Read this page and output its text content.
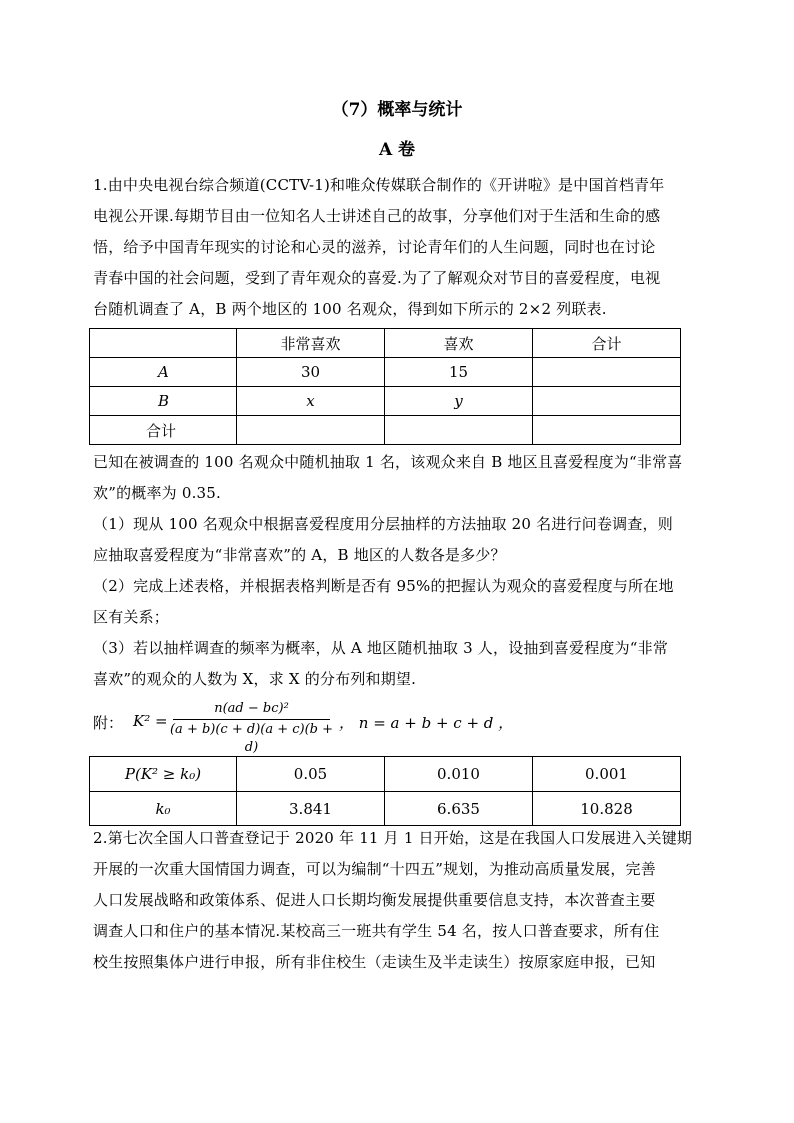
（7）概率与统计
A 卷
1.由中央电视台综合频道(CCTV-1)和唯众传媒联合制作的《开讲啦》是中国首档青年
电视公开课.每期节目由一位知名人士讲述自己的故事，分享他们对于生活和生命的感
悟，给予中国青年现实的讨论和心灵的滋养，讨论青年们的人生问题，同时也在讨论
青春中国的社会问题，受到了青年观众的喜爱.为了了解观众对节目的喜爱程度，电视
台随机调查了 A，B 两个地区的 100 名观众，得到如下所示的 2×2 列联表.
	非常喜欢	喜欢	合计
A	30	15	
B	x	y	
合计			
已知在被调查的 100 名观众中随机抽取 1 名，该观众来自 B 地区且喜爱程度为“非常喜
欢”的概率为 0.35.
（1）现从 100 名观众中根据喜爱程度用分层抽样的方法抽取 20 名进行问卷调查，则
应抽取喜爱程度为“非常喜欢”的 A，B 地区的人数各是多少？
（2）完成上述表格，并根据表格判断是否有 95%的把握认为观众的喜爱程度与所在地
区有关系；
（3）若以抽样调查的频率为概率，从 A 地区随机抽取 3 人，设抽到喜爱程度为“非常
喜欢”的观众的人数为 X，求 X 的分布列和期望.
附： K² =
n(ad − bc)²
(a + b)(c + d)(a + c)(b + d)
， n = a + b + c + d ，
P(K² ≥ k₀)	0.05	0.010	0.001
k₀	3.841	6.635	10.828
2.第七次全国人口普查登记于 2020 年 11 月 1 日开始，这是在我国人口发展进入关键期
开展的一次重大国情国力调查，可以为编制“十四五”规划，为推动高质量发展，完善
人口发展战略和政策体系、促进人口长期均衡发展提供重要信息支持，本次普查主要
调查人口和住户的基本情况.某校高三一班共有学生 54 名，按人口普查要求，所有住
校生按照集体户进行申报，所有非住校生（走读生及半走读生）按原家庭申报，已知
